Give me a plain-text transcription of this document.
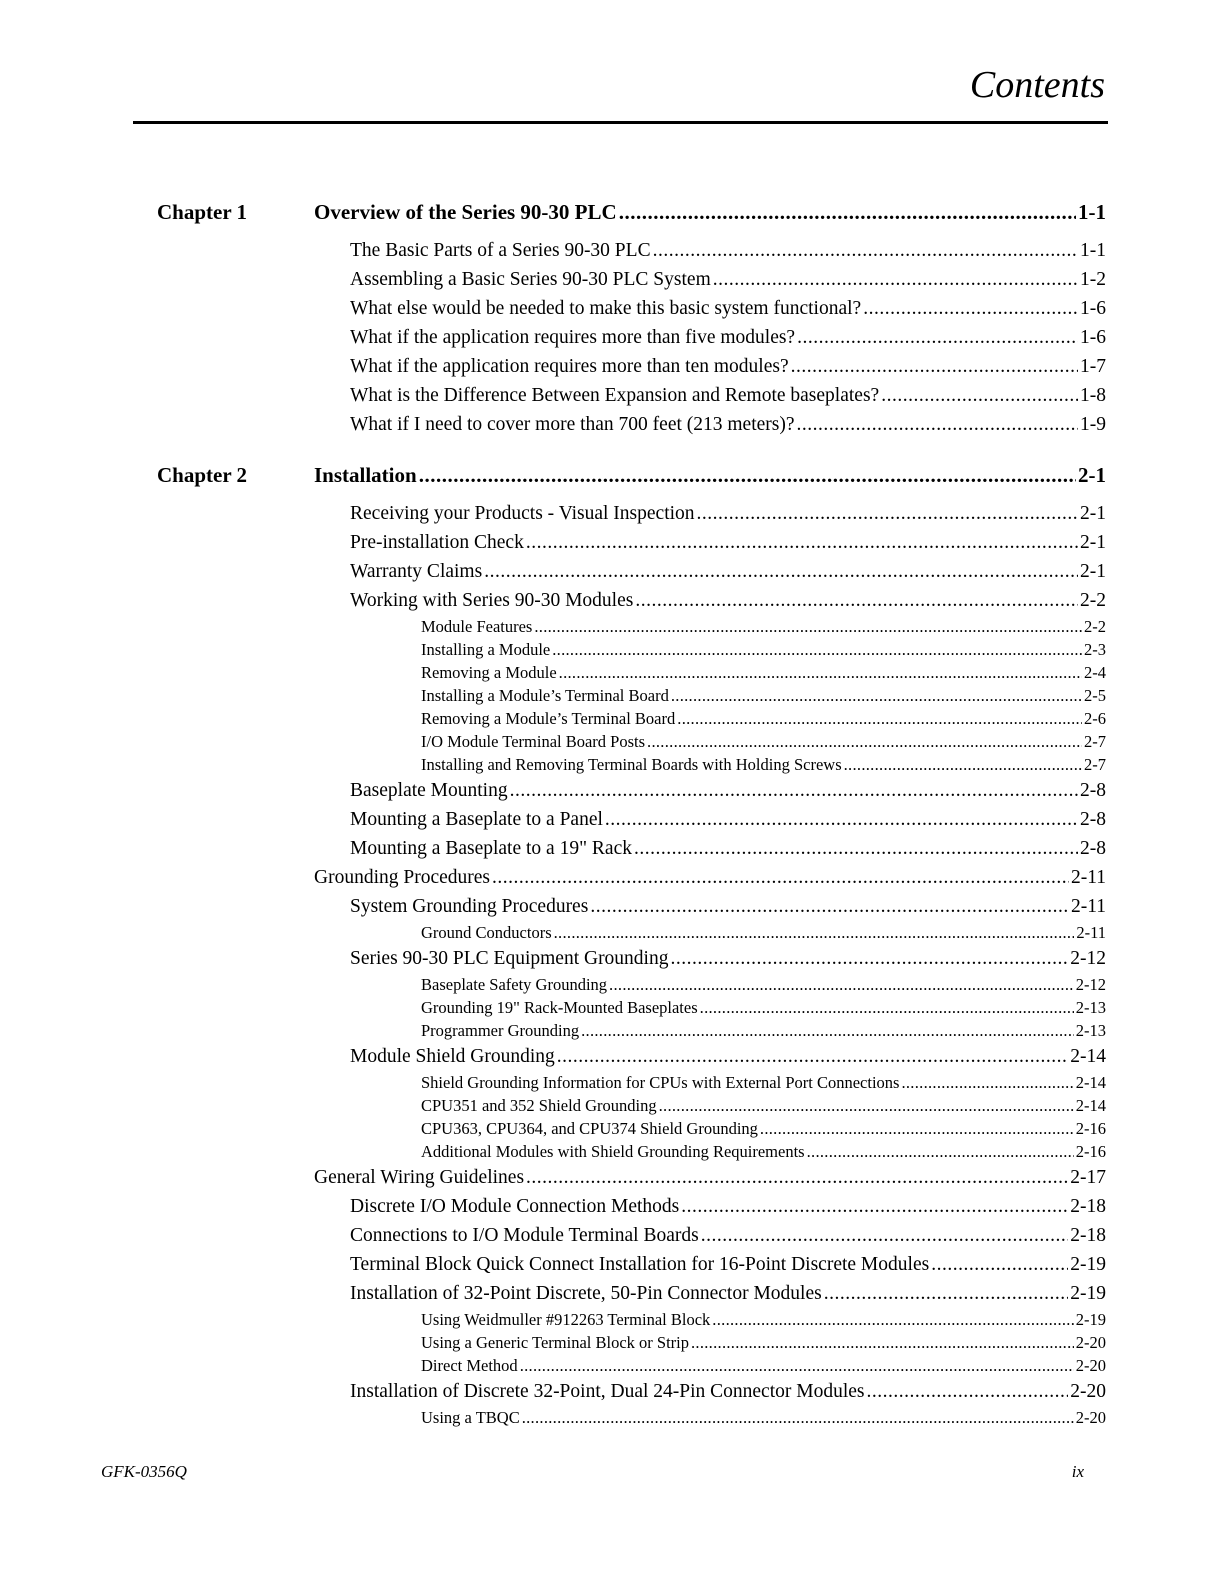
Contents
Chapter 1	Overview of the Series 90-30 PLC .....	1-1
The Basic Parts of a Series 90-30 PLC .....	1-1
Assembling a Basic Series 90-30 PLC System .....	1-2
What else would be needed to make this basic system functional? .....	1-6
What if the application requires more than five modules? .....	1-6
What if the application requires more than ten modules? .....	1-7
What is the Difference Between Expansion and Remote baseplates? .....	1-8
What if I need to cover more than 700 feet (213 meters)? .....	1-9
Chapter 2	Installation .....	2-1
Receiving your Products - Visual Inspection .....	2-1
Pre-installation Check .....	2-1
Warranty Claims .....	2-1
Working with Series 90-30 Modules .....	2-2
Module Features .....	2-2
Installing a Module .....	2-3
Removing a Module .....	2-4
Installing a Module’s Terminal Board .....	2-5
Removing a Module’s Terminal Board .....	2-6
I/O Module Terminal Board Posts .....	2-7
Installing and Removing Terminal Boards with Holding Screws .....	2-7
Baseplate Mounting .....	2-8
Mounting a Baseplate to a Panel .....	2-8
Mounting a Baseplate to a 19" Rack .....	2-8
Grounding Procedures .....	2-11
System Grounding Procedures .....	2-11
Ground Conductors .....	2-11
Series 90-30 PLC Equipment Grounding .....	2-12
Baseplate Safety Grounding .....	2-12
Grounding 19" Rack-Mounted Baseplates .....	2-13
Programmer Grounding .....	2-13
Module Shield Grounding .....	2-14
Shield Grounding Information for CPUs with External Port Connections .....	2-14
CPU351 and 352 Shield Grounding .....	2-14
CPU363, CPU364, and CPU374 Shield Grounding .....	2-16
Additional Modules with Shield Grounding Requirements .....	2-16
General Wiring Guidelines .....	2-17
Discrete I/O Module Connection Methods .....	2-18
Connections to I/O Module Terminal Boards .....	2-18
Terminal Block Quick Connect Installation for 16-Point Discrete Modules .....	2-19
Installation of 32-Point Discrete, 50-Pin Connector Modules .....	2-19
Using Weidmuller #912263 Terminal Block .....	2-19
Using a Generic Terminal Block or Strip .....	2-20
Direct Method .....	2-20
Installation of Discrete 32-Point, Dual 24-Pin Connector Modules .....	2-20
Using a TBQC .....	2-20
GFK-0356Q	ix
